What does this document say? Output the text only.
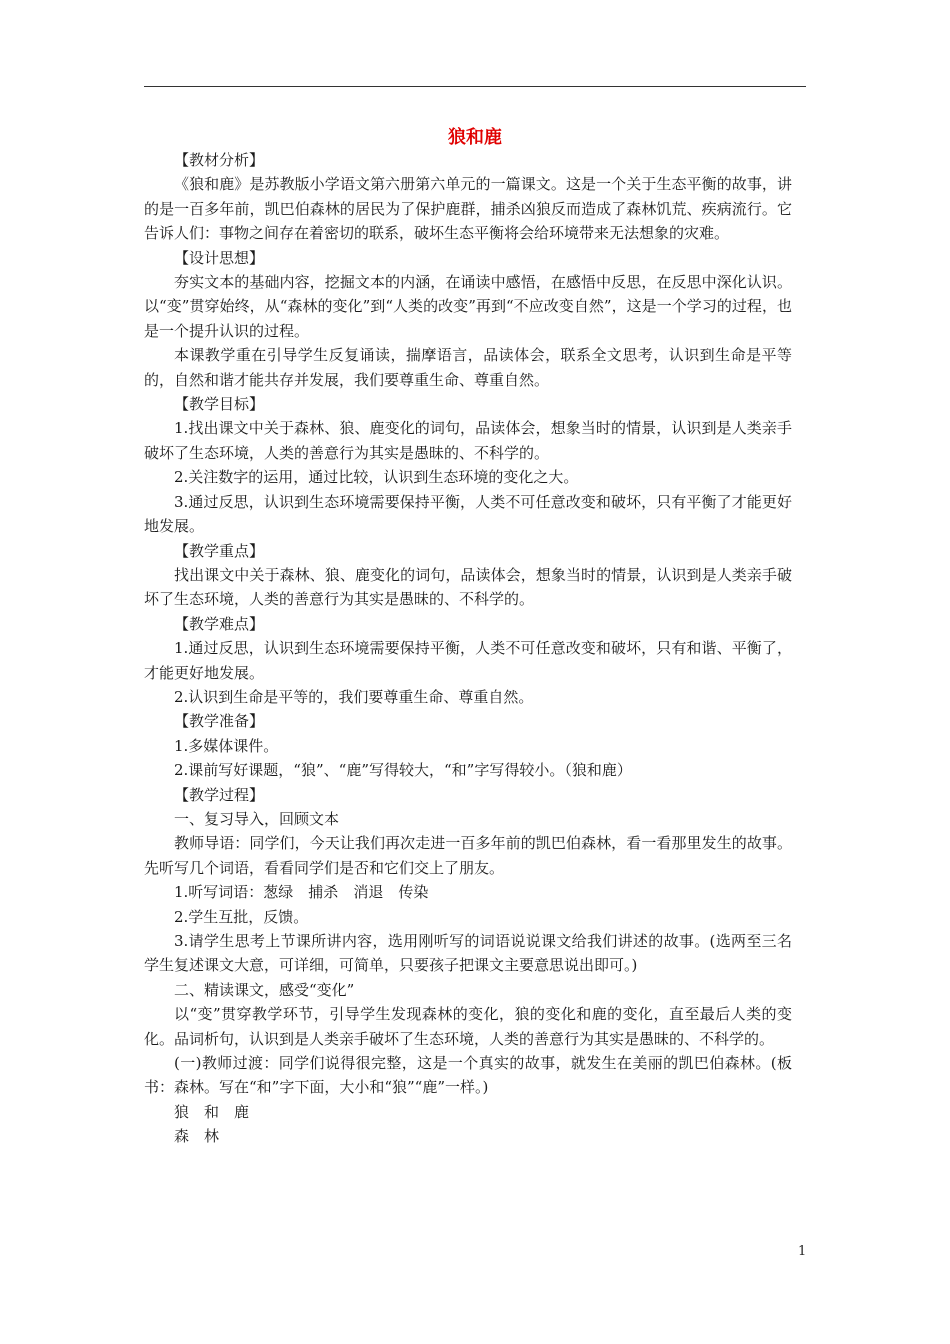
狼和鹿

【教材分析】

《狼和鹿》是苏教版小学语文第六册第六单元的一篇课文。这是一个关于生态平衡的故事，讲的是一百多年前，凯巴伯森林的居民为了保护鹿群，捕杀凶狼反而造成了森林饥荒、疾病流行。它告诉人们：事物之间存在着密切的联系，破坏生态平衡将会给环境带来无法想象的灾难。

【设计思想】

夯实文本的基础内容，挖掘文本的内涵，在诵读中感悟，在感悟中反思，在反思中深化认识。以“变”贯穿始终，从“森林的变化”到“人类的改变”再到“不应改变自然”，这是一个学习的过程，也是一个提升认识的过程。

本课教学重在引导学生反复诵读，揣摩语言，品读体会，联系全文思考，认识到生命是平等的，自然和谐才能共存并发展，我们要尊重生命、尊重自然。

【教学目标】

1.找出课文中关于森林、狼、鹿变化的词句，品读体会，想象当时的情景，认识到是人类亲手破坏了生态环境，人类的善意行为其实是愚昧的、不科学的。

2.关注数字的运用，通过比较，认识到生态环境的变化之大。

3.通过反思，认识到生态环境需要保持平衡，人类不可任意改变和破坏，只有平衡了才能更好地发展。

【教学重点】

找出课文中关于森林、狼、鹿变化的词句，品读体会，想象当时的情景，认识到是人类亲手破坏了生态环境，人类的善意行为其实是愚昧的、不科学的。

【教学难点】

1.通过反思，认识到生态环境需要保持平衡，人类不可任意改变和破坏，只有和谐、平衡了，才能更好地发展。

2.认识到生命是平等的，我们要尊重生命、尊重自然。

【教学准备】

1.多媒体课件。

2.课前写好课题，“狼”、“鹿”写得较大，“和”字写得较小。（狼和鹿）

【教学过程】

一、复习导入，回顾文本

教师导语：同学们，今天让我们再次走进一百多年前的凯巴伯森林，看一看那里发生的故事。先听写几个词语，看看同学们是否和它们交上了朋友。

1.听写词语：葱绿　捕杀　消退　传染

2.学生互批，反馈。

3.请学生思考上节课所讲内容，选用刚听写的词语说说课文给我们讲述的故事。(选两至三名学生复述课文大意，可详细，可简单，只要孩子把课文主要意思说出即可。)

二、精读课文，感受“变化”

以“变”贯穿教学环节，引导学生发现森林的变化，狼的变化和鹿的变化，直至最后人类的变化。品词析句，认识到是人类亲手破坏了生态环境，人类的善意行为其实是愚昧的、不科学的。

(一)教师过渡：同学们说得很完整，这是一个真实的故事，就发生在美丽的凯巴伯森林。(板书：森林。写在“和”字下面，大小和“狼”“鹿”一样。)

狼　和　鹿

森　林

1
